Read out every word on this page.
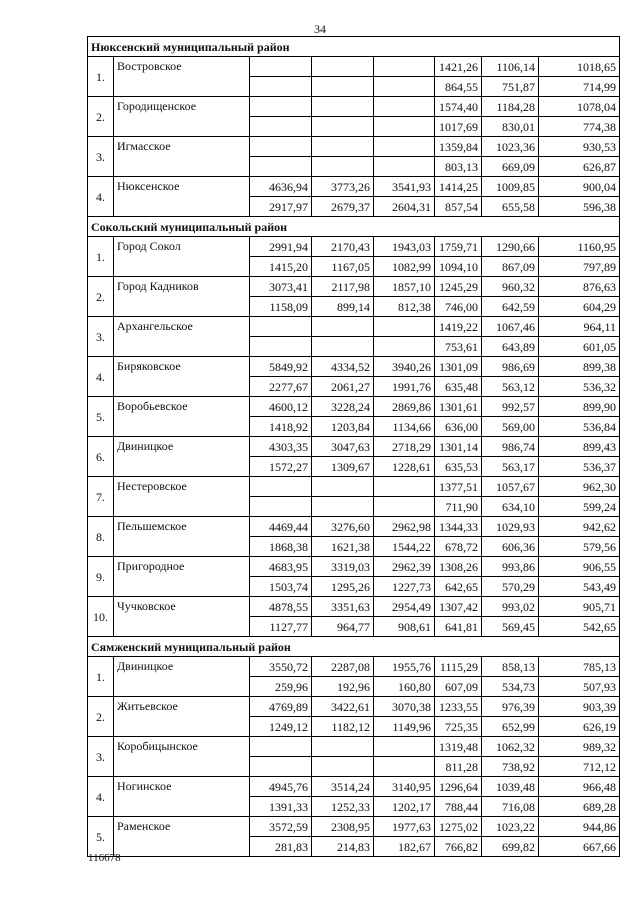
34
Нюксенский муниципальный район							
1.	Востровское				1421,26	1106,14	1018,65
					864,55	751,87	714,99
2.	Городищенское				1574,40	1184,28	1078,04
					1017,69	830,01	774,38
3.	Игмасское				1359,84	1023,36	930,53
					803,13	669,09	626,87
4.	Нюксенское	4636,94	3773,26	3541,93	1414,25	1009,85	900,04
		2917,97	2679,37	2604,31	857,54	655,58	596,38
Сокольский муниципальный район							
1.	Город Сокол	2991,94	2170,43	1943,03	1759,71	1290,66	1160,95
		1415,20	1167,05	1082,99	1094,10	867,09	797,89
2.	Город Кадников	3073,41	2117,98	1857,10	1245,29	960,32	876,63
		1158,09	899,14	812,38	746,00	642,59	604,29
3.	Архангельское				1419,22	1067,46	964,11
					753,61	643,89	601,05
4.	Биряковское	5849,92	4334,52	3940,26	1301,09	986,69	899,38
		2277,67	2061,27	1991,76	635,48	563,12	536,32
5.	Воробьевское	4600,12	3228,24	2869,86	1301,61	992,57	899,90
		1418,92	1203,84	1134,66	636,00	569,00	536,84
6.	Двиницкое	4303,35	3047,63	2718,29	1301,14	986,74	899,43
		1572,27	1309,67	1228,61	635,53	563,17	536,37
7.	Нестеровское				1377,51	1057,67	962,30
					711,90	634,10	599,24
8.	Пельшемское	4469,44	3276,60	2962,98	1344,33	1029,93	942,62
		1868,38	1621,38	1544,22	678,72	606,36	579,56
9.	Пригородное	4683,95	3319,03	2962,39	1308,26	993,86	906,55
		1503,74	1295,26	1227,73	642,65	570,29	543,49
10.	Чучковское	4878,55	3351,63	2954,49	1307,42	993,02	905,71
		1127,77	964,77	908,61	641,81	569,45	542,65
Сямженский муниципальный район							
1.	Двиницкое	3550,72	2287,08	1955,76	1115,29	858,13	785,13
		259,96	192,96	160,80	607,09	534,73	507,93
2.	Житьевское	4769,89	3422,61	3070,38	1233,55	976,39	903,39
		1249,12	1182,12	1149,96	725,35	652,99	626,19
3.	Коробицынское				1319,48	1062,32	989,32
					811,28	738,92	712,12
4.	Ногинское	4945,76	3514,24	3140,95	1296,64	1039,48	966,48
		1391,33	1252,33	1202,17	788,44	716,08	689,28
5.	Раменское	3572,59	2308,95	1977,63	1275,02	1023,22	944,86
		281,83	214,83	182,67	766,82	699,82	667,66
116678
